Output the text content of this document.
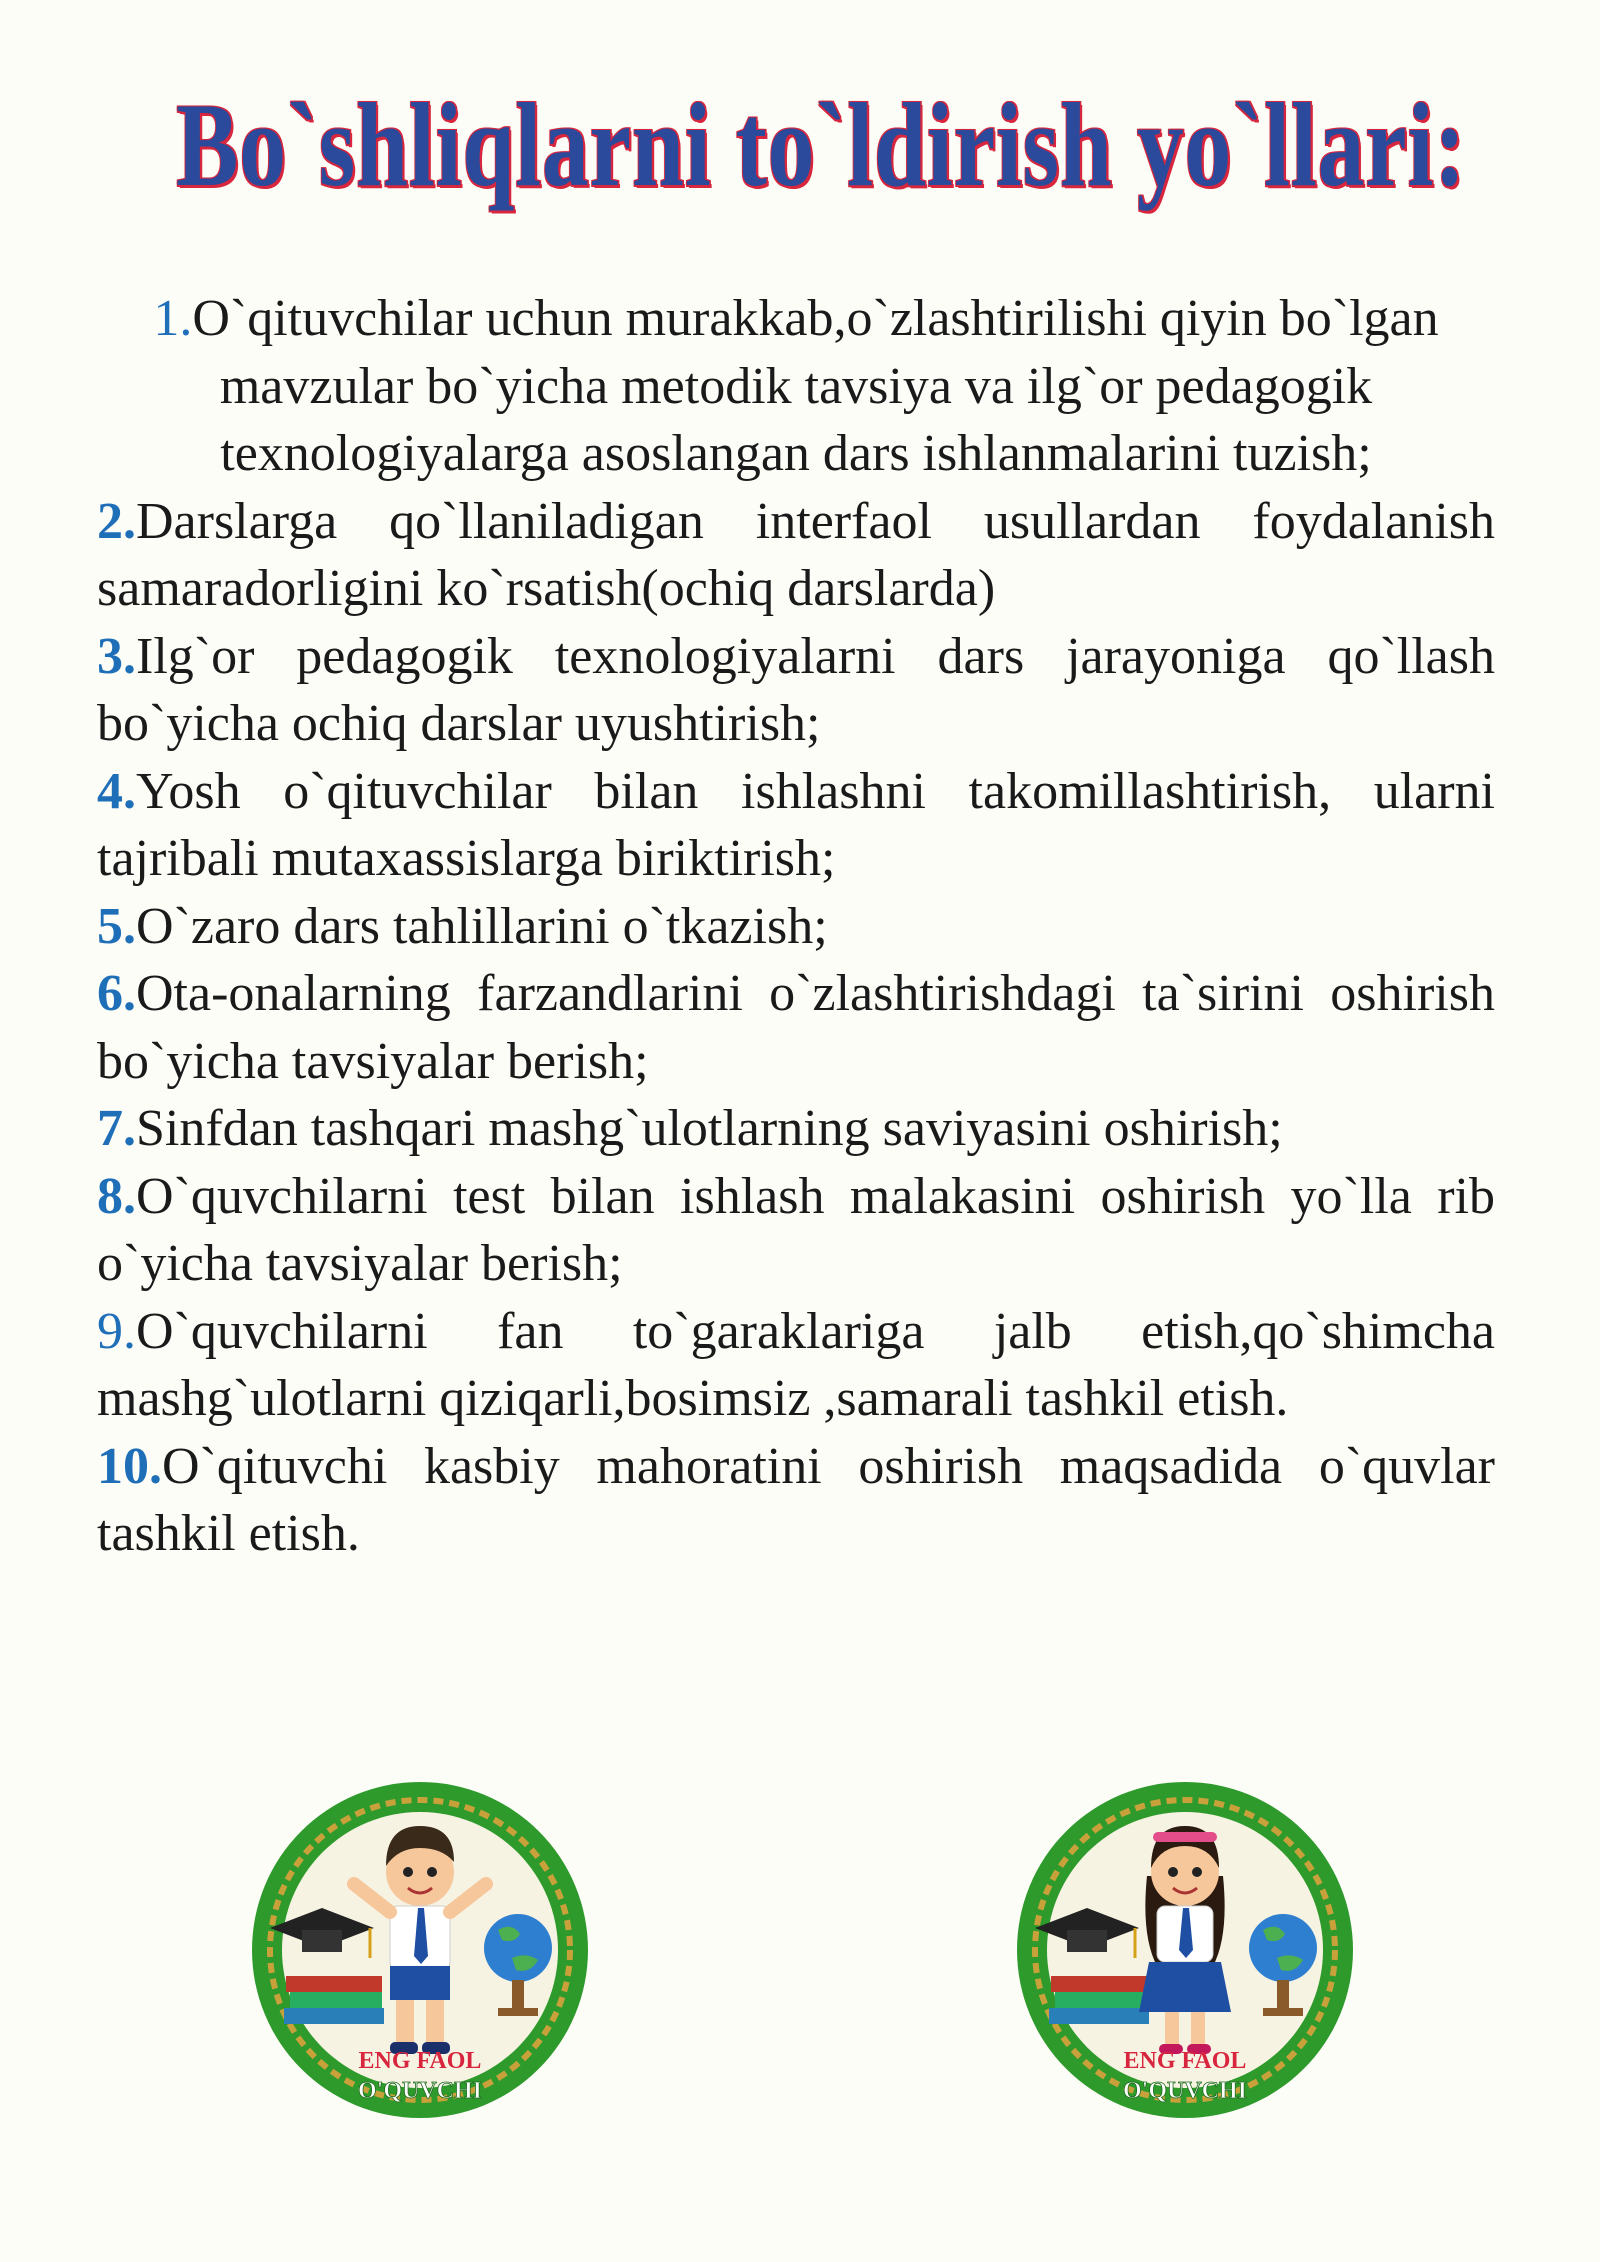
Bo`shliqlarni to`ldirish yo`llari:

1.O`qituvchilar uchun murakkab,o`zlashtirilishi qiyin bo`lgan mavzular bo`yicha metodik tavsiya va ilg`or pedagogik texnologiyalarga asoslangan dars ishlanmalarini tuzish;

2.Darslarga qo`llaniladigan interfaol usullardan foydalanish samaradorligini ko`rsatish(ochiq darslarda)

3.Ilg`or pedagogik texnologiyalarni dars jarayoniga qo`llash bo`yicha ochiq darslar uyushtirish;

4.Yosh o`qituvchilar bilan ishlashni takomillashtirish, ularni tajribali mutaxassislarga biriktirish;

5.O`zaro dars tahlillarini o`tkazish;

6.Ota-onalarning farzandlarini o`zlashtirishdagi ta`sirini oshirish bo`yicha tavsiyalar berish;

7.Sinfdan tashqari mashg`ulotlarning saviyasini oshirish;

8.O`quvchilarni test bilan ishlash malakasini oshirish yo`lla rib o`yicha tavsiyalar berish;

9.O`quvchilarni fan to`garaklariga jalb etish,qo`shimcha mashg`ulotlarni qiziqarli,bosimsiz ,samarali tashkil etish.

10.O`qituvchi kasbiy mahoratini oshirish maqsadida o`quvlar tashkil etish.

ENG FAOL
O'QUVCHI
ENG FAOL
O'QUVCHI
